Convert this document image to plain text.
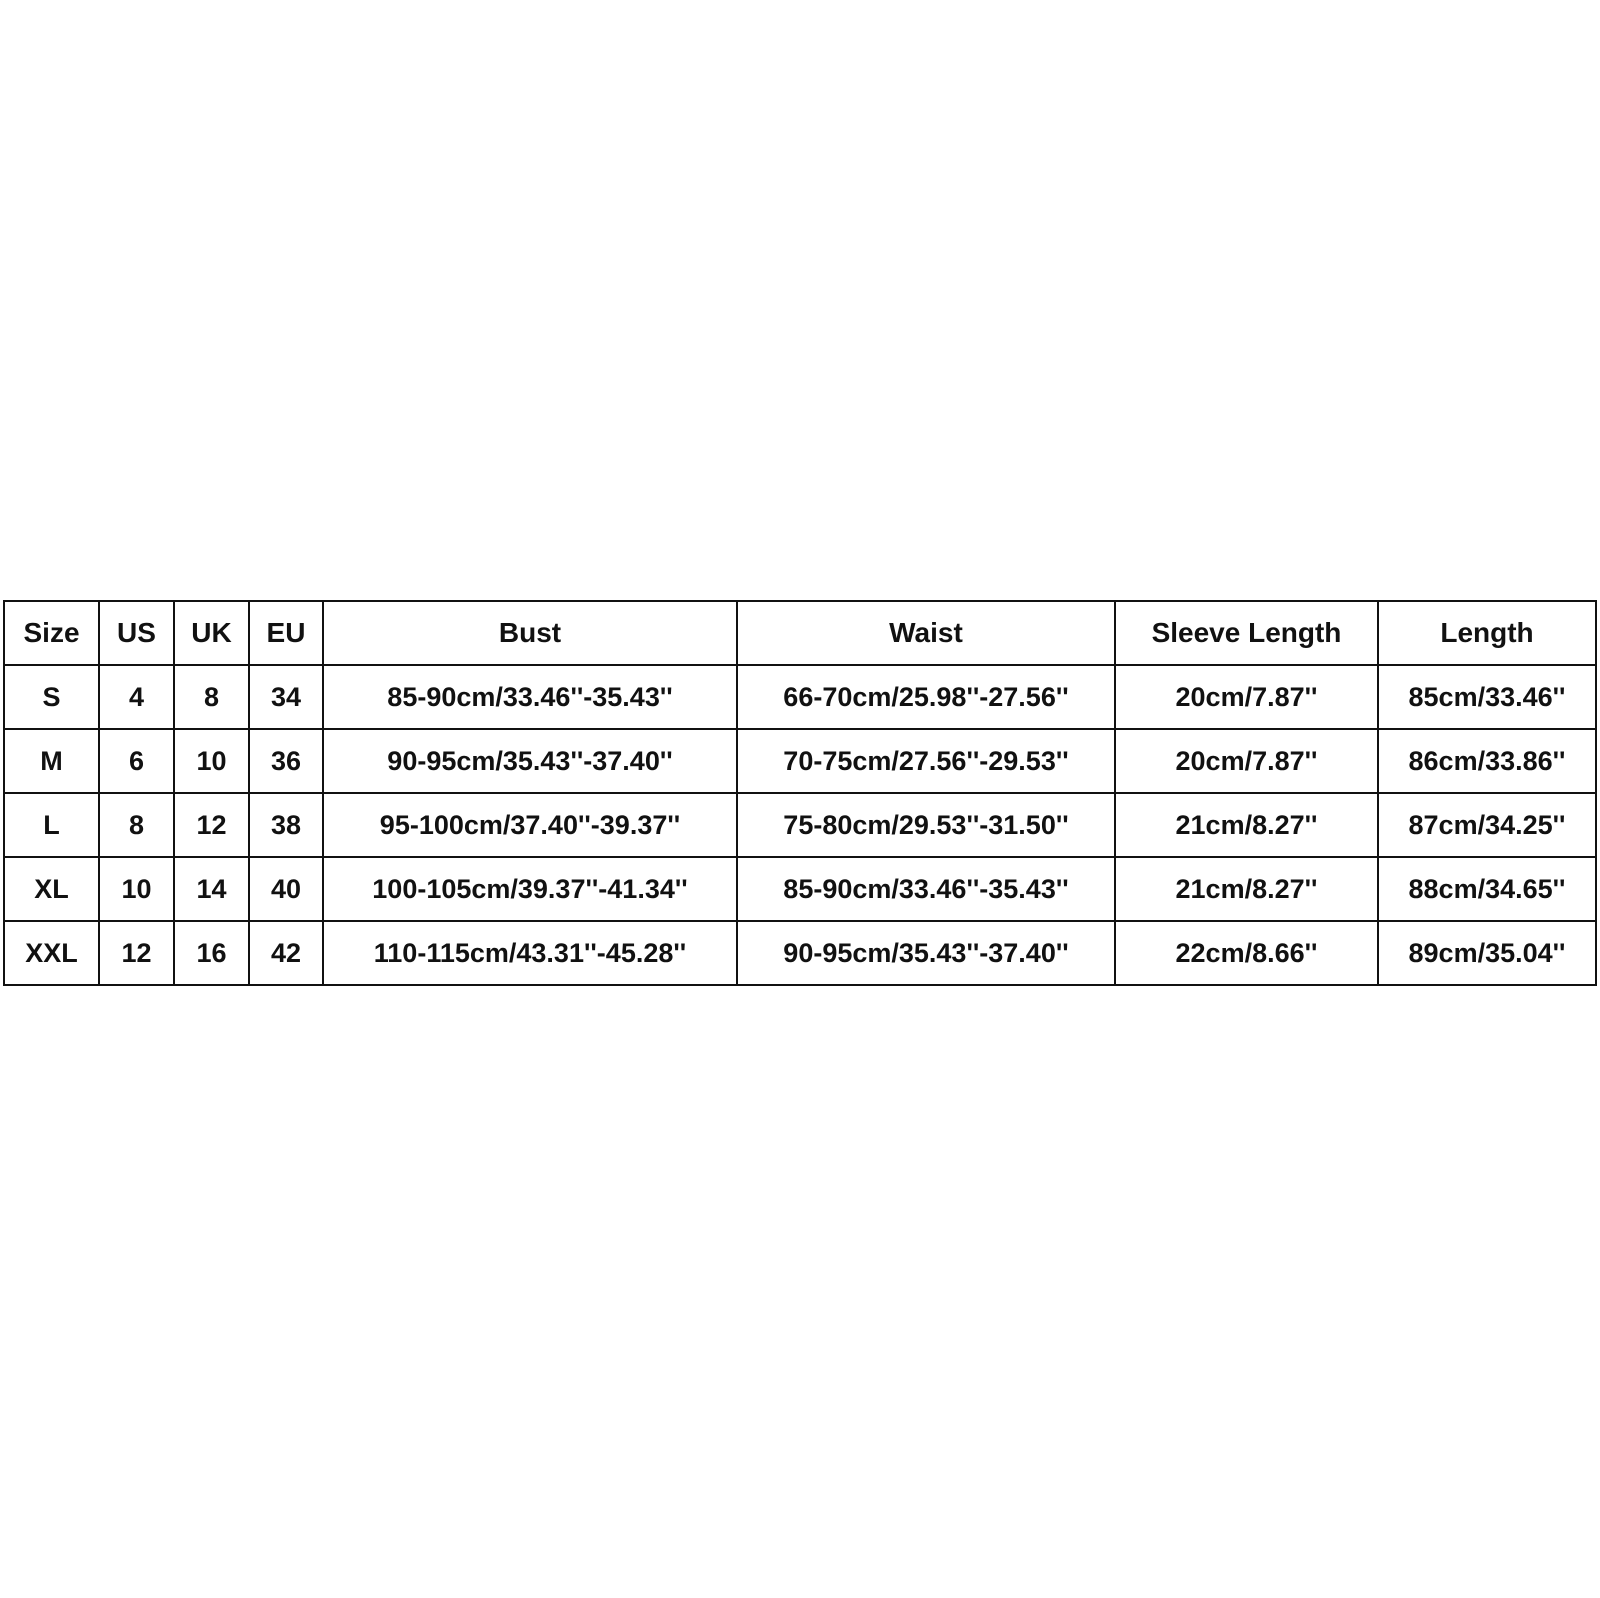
Size	US	UK	EU	Bust	Waist	Sleeve Length	Length
S	4	8	34	85-90cm/33.46''-35.43''	66-70cm/25.98''-27.56''	20cm/7.87''	85cm/33.46''
M	6	10	36	90-95cm/35.43''-37.40''	70-75cm/27.56''-29.53''	20cm/7.87''	86cm/33.86''
L	8	12	38	95-100cm/37.40''-39.37''	75-80cm/29.53''-31.50''	21cm/8.27''	87cm/34.25''
XL	10	14	40	100-105cm/39.37''-41.34''	85-90cm/33.46''-35.43''	21cm/8.27''	88cm/34.65''
XXL	12	16	42	110-115cm/43.31''-45.28''	90-95cm/35.43''-37.40''	22cm/8.66''	89cm/35.04''
